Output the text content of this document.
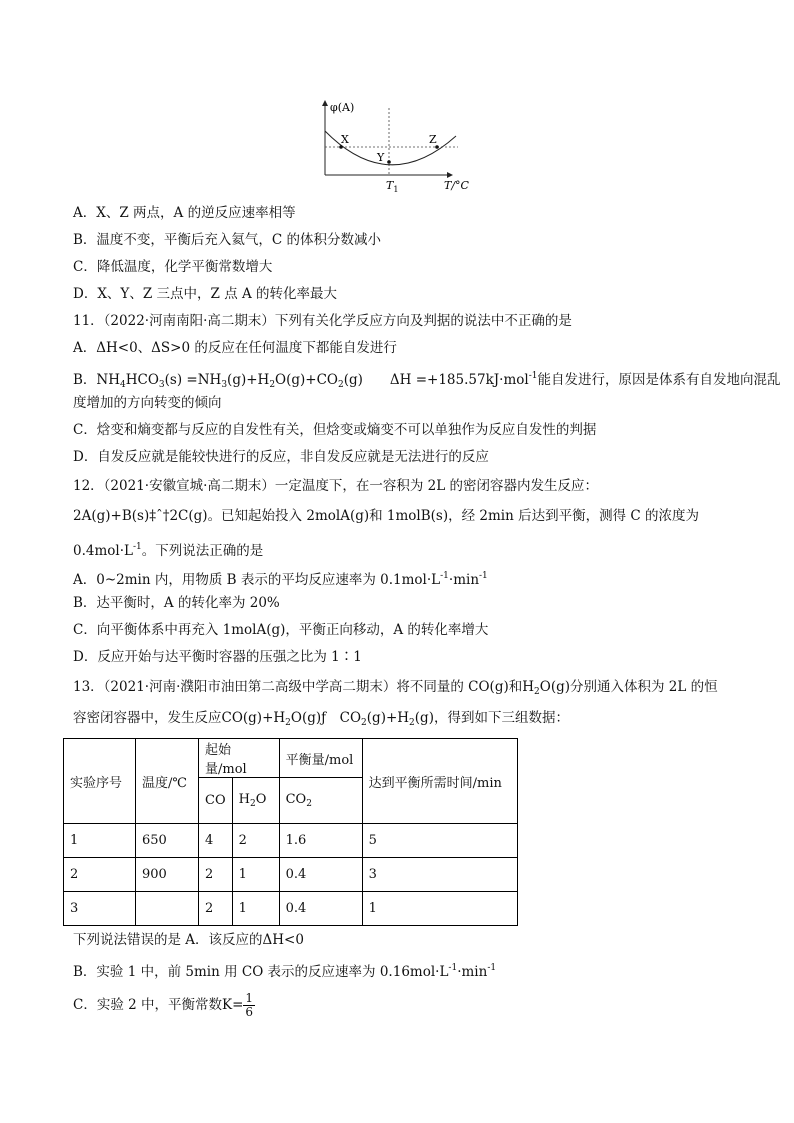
φ(A)
X
Y
Z
$T_1$	T/°C
A．X、Z 两点，A 的逆反应速率相等
B．温度不变，平衡后充入氦气，C 的体积分数减小
C．降低温度，化学平衡常数增大
D．X、Y、Z 三点中，Z 点 A 的转化率最大
11．（2022·河南南阳·高二期末）下列有关化学反应方向及判据的说法中不正确的是
A．ΔH<0、ΔS>0 的反应在任何温度下都能自发进行
B．$NH_4HCO_3(s) =NH_3(g)+H_2O(g)+CO_2(g)$　　ΔH =+185.57kJ·mol$^{-1}$能自发进行，原因是体系有自发地向混乱
度增加的方向转变的倾向
C．焓变和熵变都与反应的自发性有关，但焓变或熵变不可以单独作为反应自发性的判据
D．自发反应就是能较快进行的反应，非自发反应就是无法进行的反应
12．（2021·安徽宣城·高二期末）一定温度下，在一容积为 2L 的密闭容器内发生反应：
2A(g)+B(s)‡ˆ†2C(g)。已知起始投入 2molA(g)和 1molB(s)，经 2min 后达到平衡，测得 C 的浓度为
$0.4mol\cdot L^{-1}$。下列说法正确的是
A．0~2min 内，用物质 B 表示的平均反应速率为 $0.1mol\cdot L^{-1}\cdot\min^{-1}$
B．达平衡时，A 的转化率为 20%
C．向平衡体系中再充入 1molA(g)，平衡正向移动，A 的转化率增大
D．反应开始与达平衡时容器的压强之比为 1∶1
13．（2021·河南·濮阳市油田第二高级中学高二期末）将不同量的 CO(g)和$H_2O(g)$分别通入体积为 2L 的恒
容密闭容器中，发生反应$CO(g)+H_2O(g)ƒ$　$CO_2(g)+H_2(g)$，得到如下三组数据：
实验序号	温度/℃	起始量/mol		平衡量/mol	达到平衡所需时间/min
		CO	$H_2O$	$CO_2$
1	650	4	2	1.6	5
2	900	2	1	0.4	3
3		2	1	0.4	1
下列说法错误的是 A．该反应的ΔH<0
B．实验 1 中，前 5min 用 CO 表示的反应速率为 $0.16mol\cdot L^{-1}\cdot\min^{-1}$
C．实验 2 中，平衡常数$K= \frac{1}{6}$
